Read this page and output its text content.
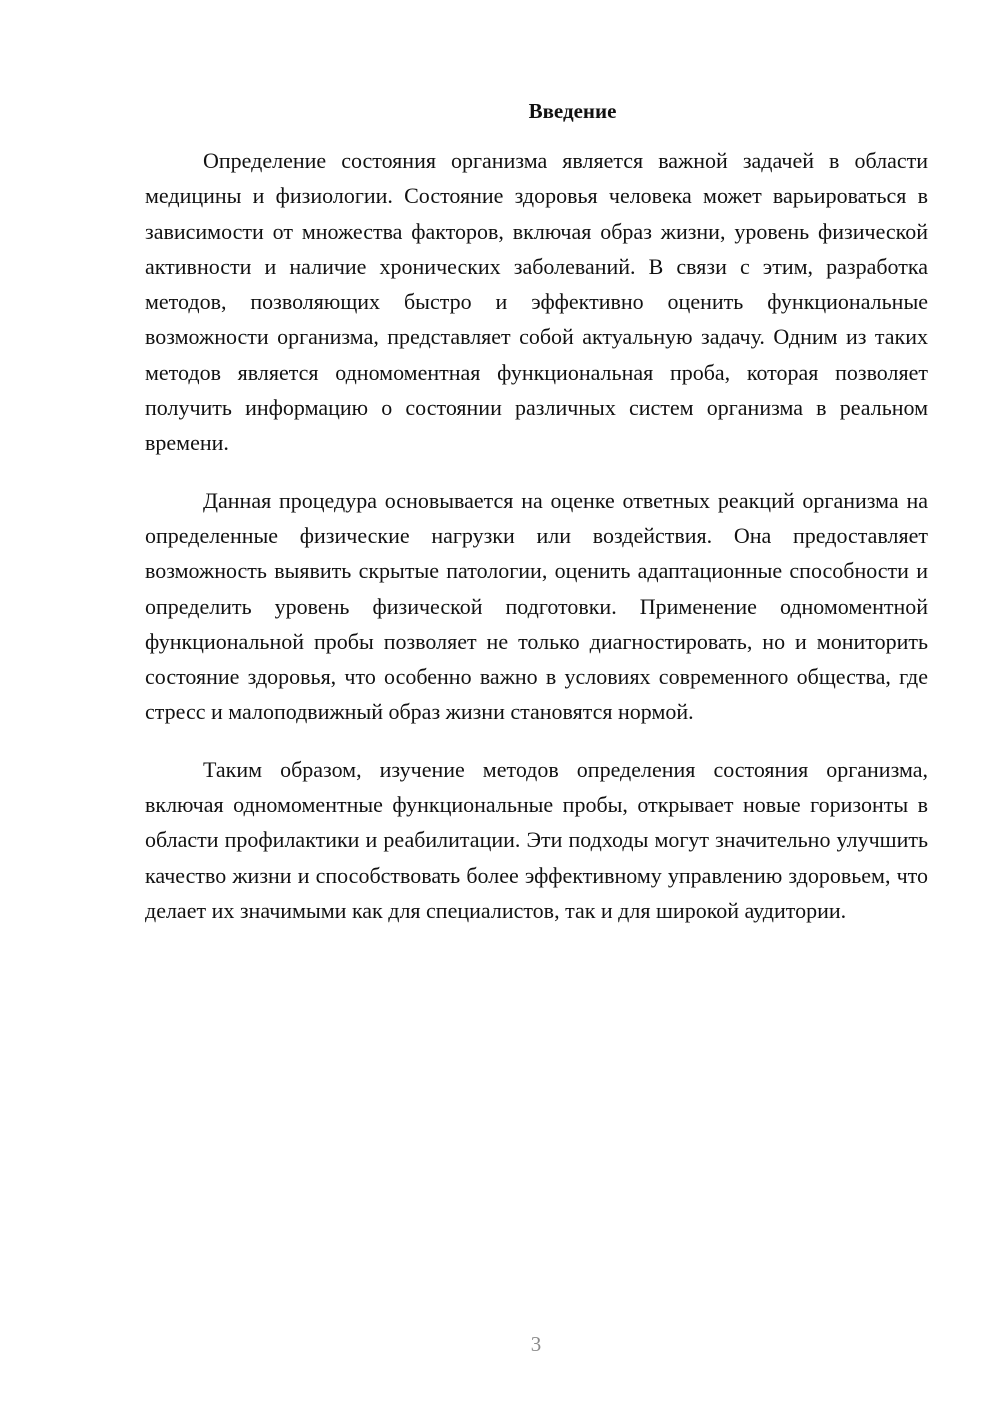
Введение

Определение состояния организма является важной задачей в области медицины и физиологии. Состояние здоровья человека может варьироваться в зависимости от множества факторов, включая образ жизни, уровень физической активности и наличие хронических заболеваний. В связи с этим, разработка методов, позволяющих быстро и эффективно оценить функциональные возможности организма, представляет собой актуальную задачу. Одним из таких методов является одномоментная функциональная проба, которая позволяет получить информацию о состоянии различных систем организма в реальном времени.

Данная процедура основывается на оценке ответных реакций организма на определенные физические нагрузки или воздействия. Она предоставляет возможность выявить скрытые патологии, оценить адаптационные способности и определить уровень физической подготовки. Применение одномоментной функциональной пробы позволяет не только диагностировать, но и мониторить состояние здоровья, что особенно важно в условиях современного общества, где стресс и малоподвижный образ жизни становятся нормой.

Таким образом, изучение методов определения состояния организма, включая одномоментные функциональные пробы, открывает новые горизонты в области профилактики и реабилитации. Эти подходы могут значительно улучшить качество жизни и способствовать более эффективному управлению здоровьем, что делает их значимыми как для специалистов, так и для широкой аудитории.

3
